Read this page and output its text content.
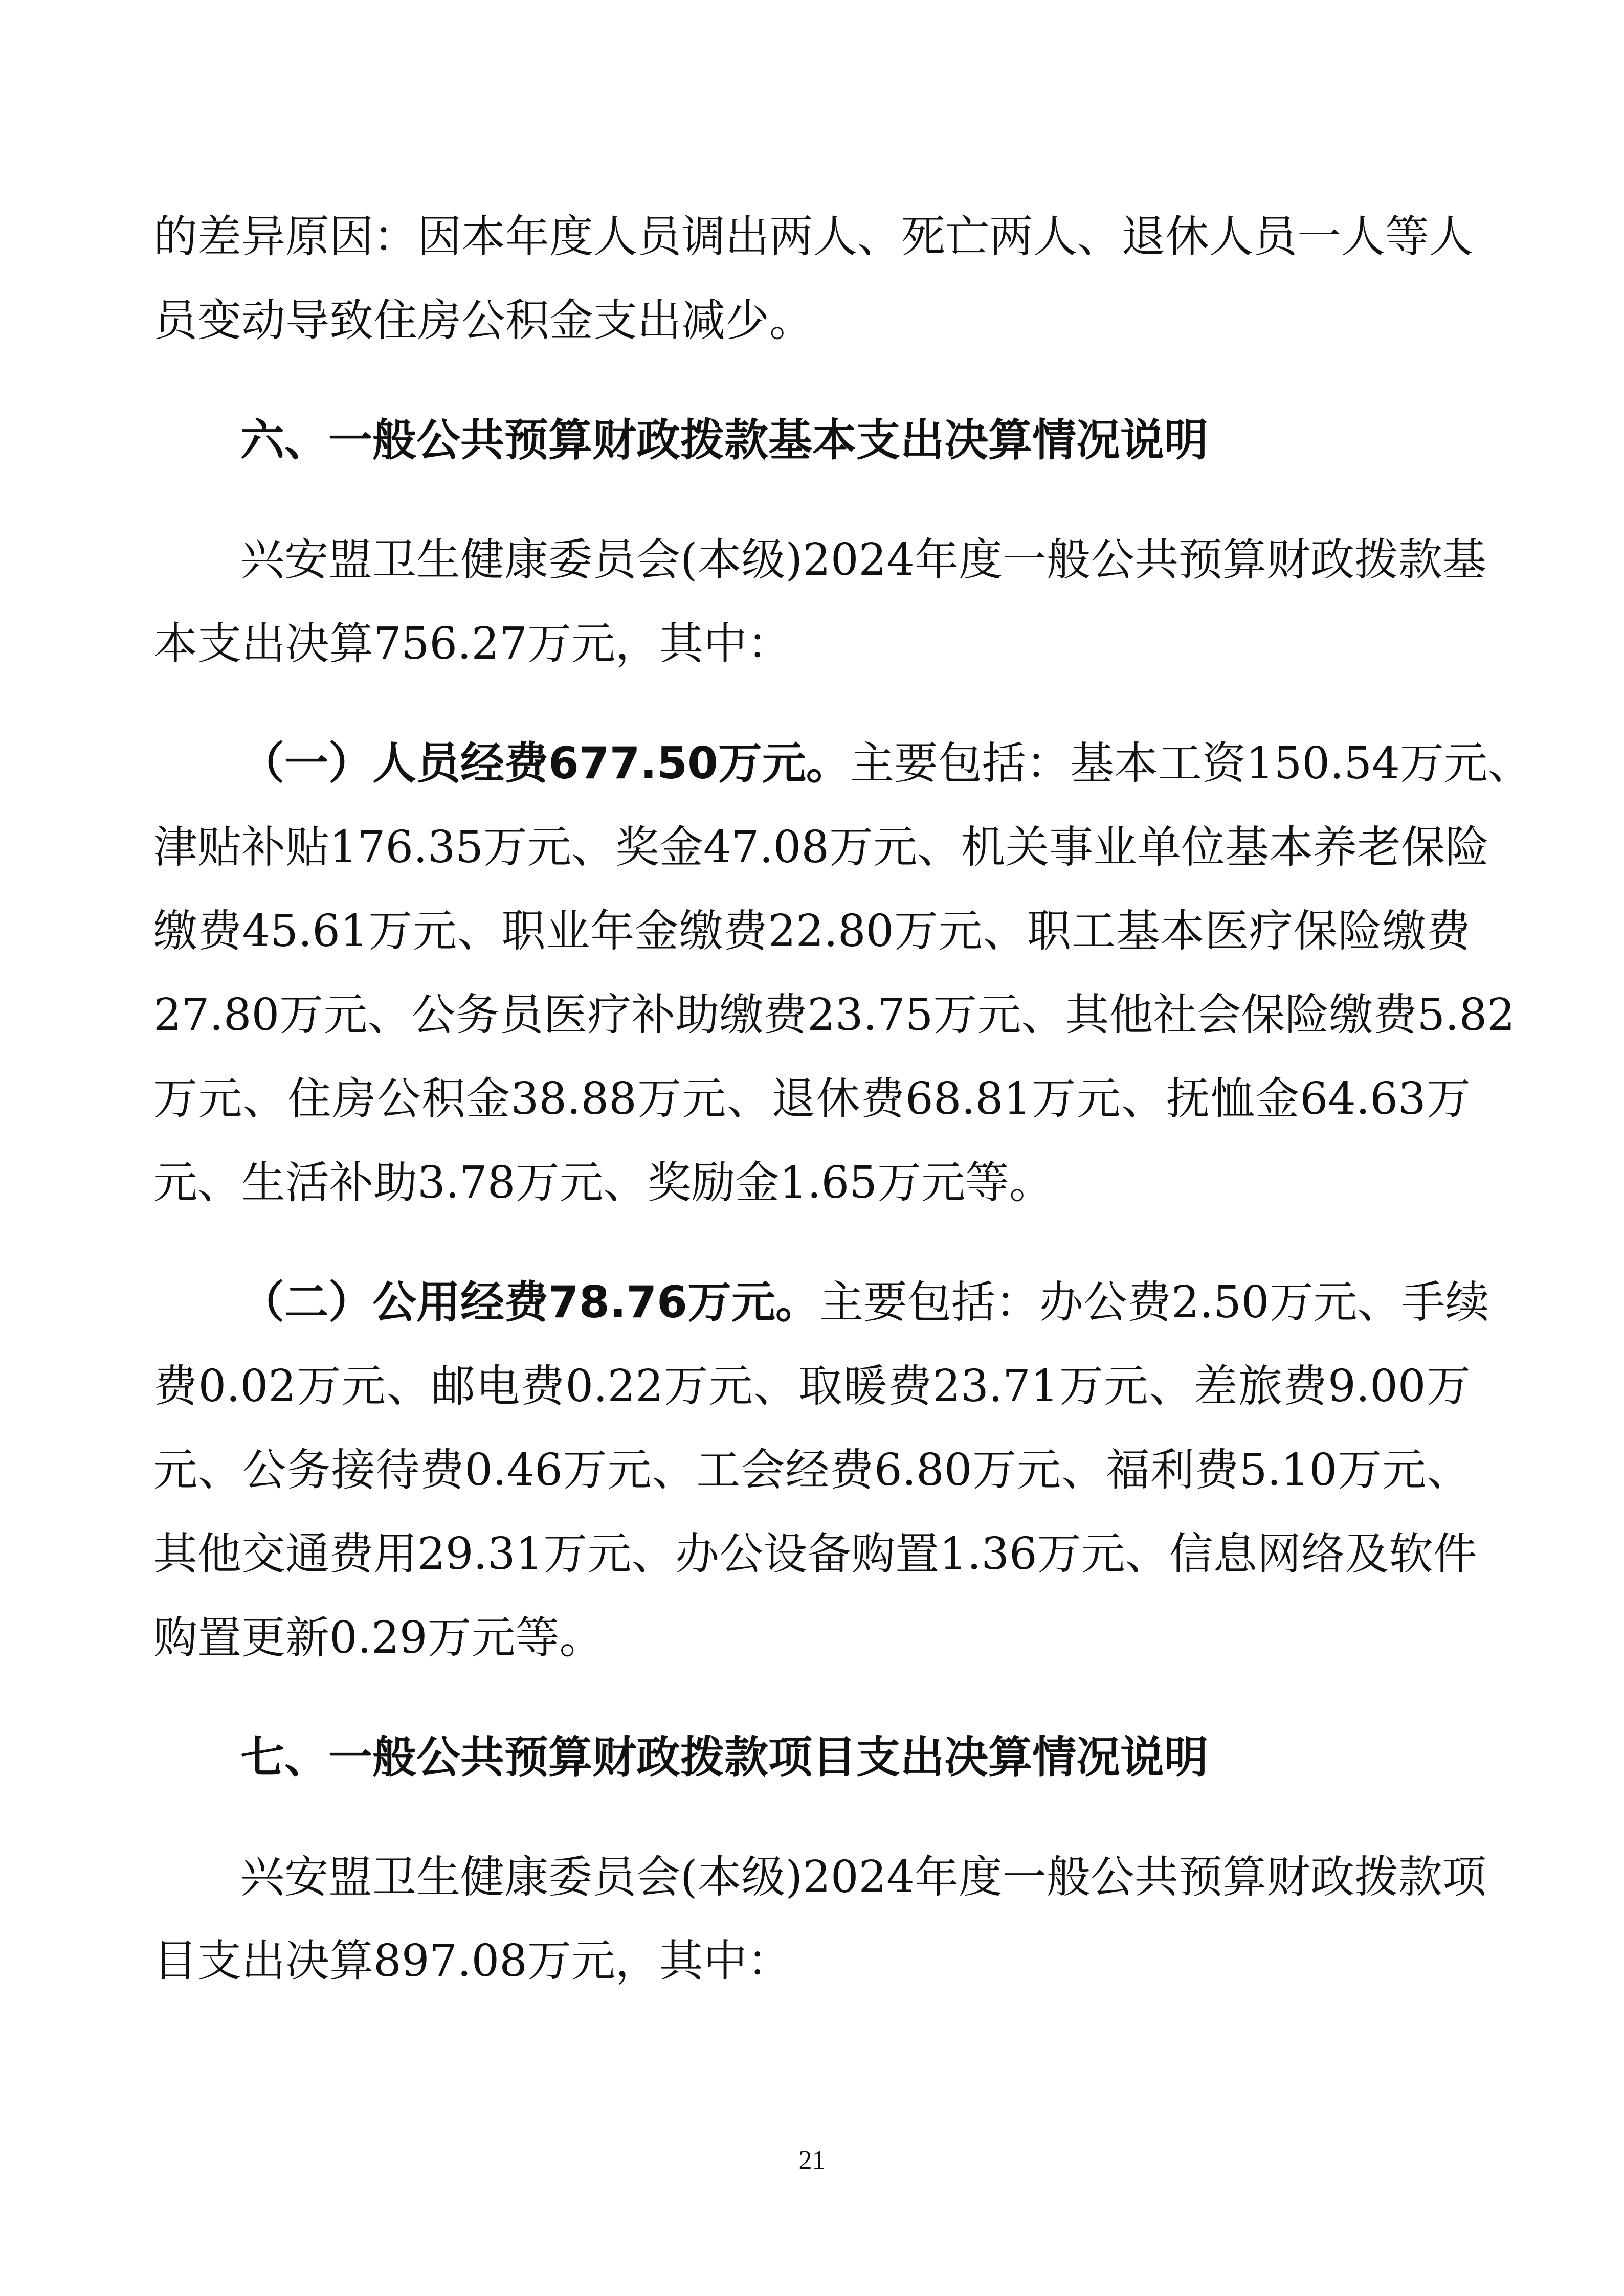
的差异原因：因本年度人员调出两人、死亡两人、退休人员一人等人
员变动导致住房公积金支出减少。
六、一般公共预算财政拨款基本支出决算情况说明
兴安盟卫生健康委员会(本级)2024年度一般公共预算财政拨款基
本支出决算756.27万元，其中：
（一）人员经费677.50万元。主要包括：基本工资150.54万元、
津贴补贴176.35万元、奖金47.08万元、机关事业单位基本养老保险
缴费45.61万元、职业年金缴费22.80万元、职工基本医疗保险缴费
27.80万元、公务员医疗补助缴费23.75万元、其他社会保险缴费5.82
万元、住房公积金38.88万元、退休费68.81万元、抚恤金64.63万
元、生活补助3.78万元、奖励金1.65万元等。
（二）公用经费78.76万元。主要包括：办公费2.50万元、手续
费0.02万元、邮电费0.22万元、取暖费23.71万元、差旅费9.00万
元、公务接待费0.46万元、工会经费6.80万元、福利费5.10万元、
其他交通费用29.31万元、办公设备购置1.36万元、信息网络及软件
购置更新0.29万元等。
七、一般公共预算财政拨款项目支出决算情况说明
兴安盟卫生健康委员会(本级)2024年度一般公共预算财政拨款项
目支出决算897.08万元，其中：
21
